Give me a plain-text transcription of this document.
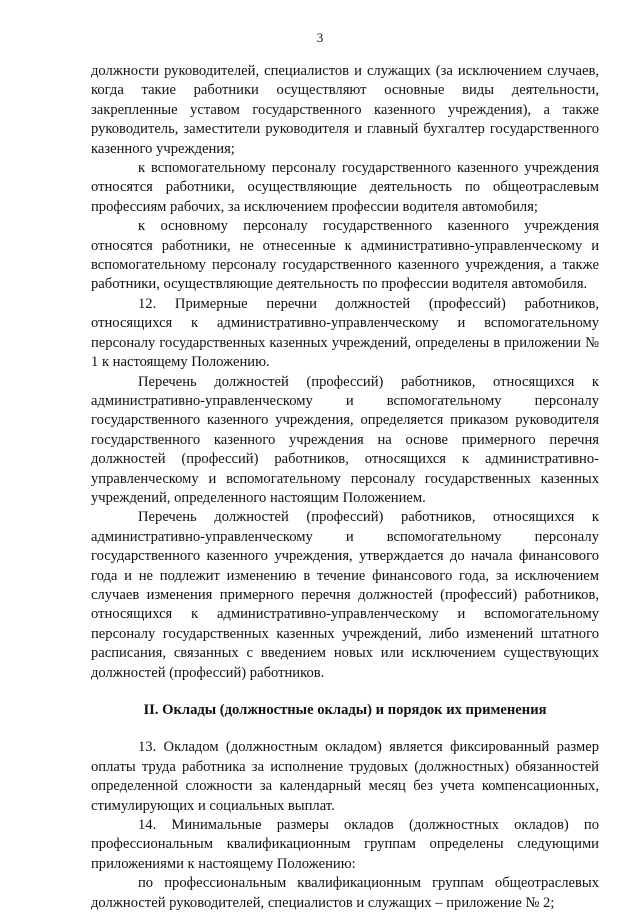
3

должности руководителей, специалистов и служащих (за исключением случаев, когда такие работники осуществляют основные виды деятельности, закрепленные уставом государственного казенного учреждения), а также руководитель, заместители руководителя и главный бухгалтер государственного казенного учреждения;

к вспомогательному персоналу государственного казенного учреждения относятся работники, осуществляющие деятельность по общеотраслевым профессиям рабочих, за исключением профессии водителя автомобиля;

к основному персоналу государственного казенного учреждения относятся работники, не отнесенные к административно-управленческому и вспомогательному персоналу государственного казенного учреждения, а также работники, осуществляющие деятельность по профессии водителя автомобиля.

12. Примерные перечни должностей (профессий) работников, относящихся к административно-управленческому и вспомогательному персоналу государственных казенных учреждений, определены в приложении № 1 к настоящему Положению.

Перечень должностей (профессий) работников, относящихся к административно-управленческому и вспомогательному персоналу государственного казенного учреждения, определяется приказом руководителя государственного казенного учреждения на основе примерного перечня должностей (профессий) работников, относящихся к административно-управленческому и вспомогательному персоналу государственных казенных учреждений, определенного настоящим Положением.

Перечень должностей (профессий) работников, относящихся к административно-управленческому и вспомогательному персоналу государственного казенного учреждения, утверждается до начала финансового года и не подлежит изменению в течение финансового года, за исключением случаев изменения примерного перечня должностей (профессий) работников, относящихся к административно-управленческому и вспомогательному персоналу государственных казенных учреждений, либо изменений штатного расписания, связанных с введением новых или исключением существующих должностей (профессий) работников.

II. Оклады (должностные оклады) и порядок их применения

13. Окладом (должностным окладом) является фиксированный размер оплаты труда работника за исполнение трудовых (должностных) обязанностей определенной сложности за календарный месяц без учета компенсационных, стимулирующих и социальных выплат.

14. Минимальные размеры окладов (должностных окладов) по профессиональным квалификационным группам определены следующими приложениями к настоящему Положению:

по профессиональным квалификационным группам общеотраслевых должностей руководителей, специалистов и служащих – приложение № 2;
